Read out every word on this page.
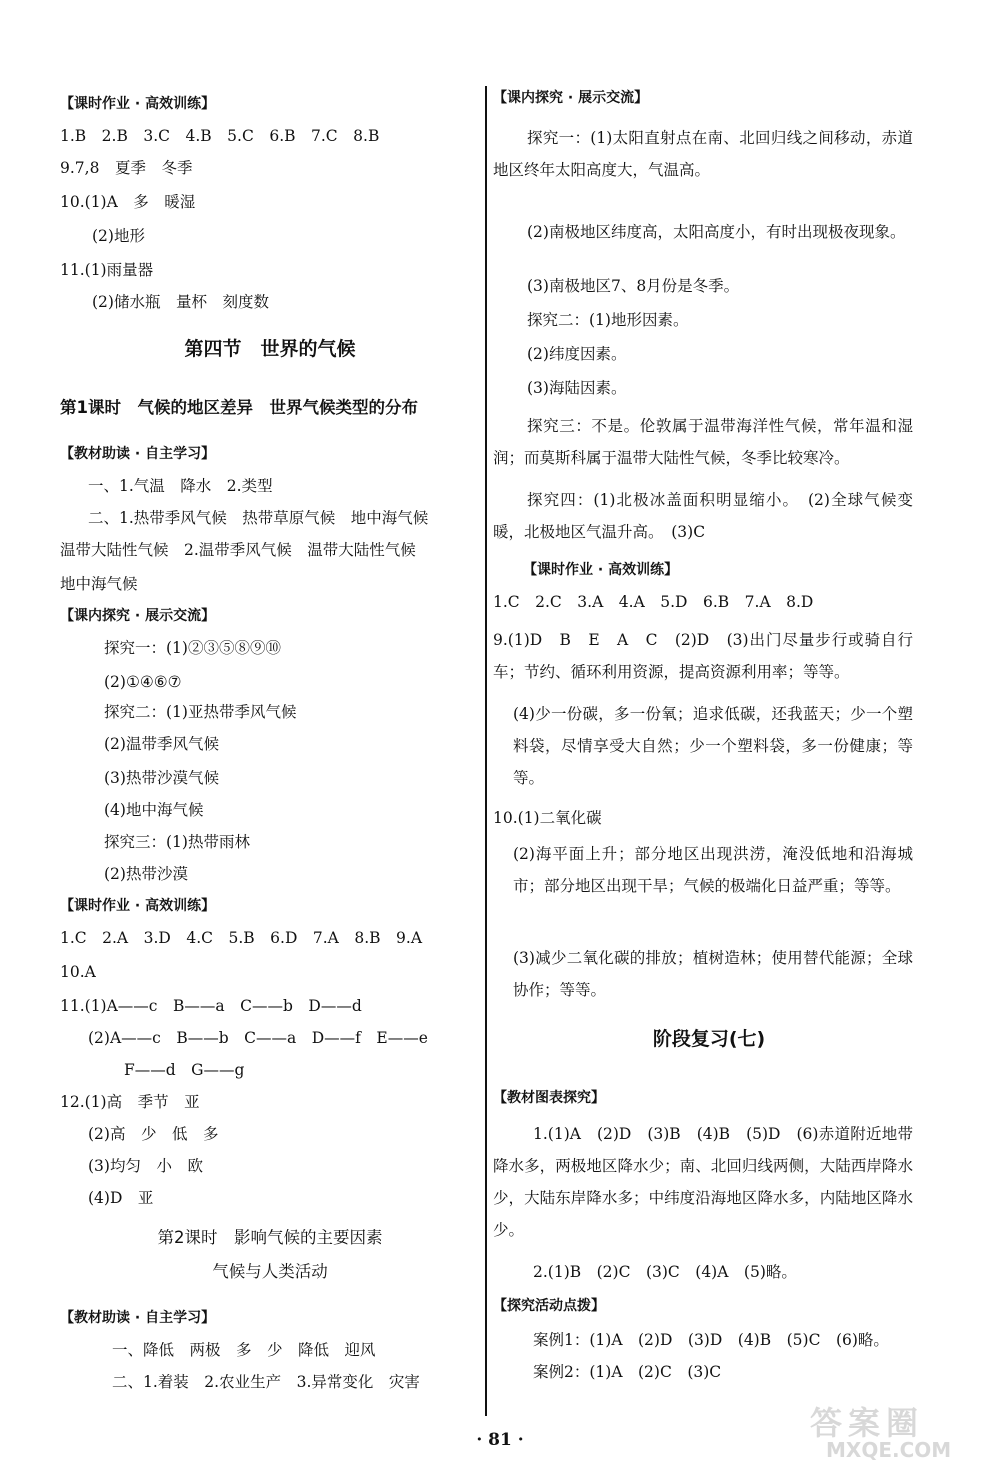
【课时作业 · 高效训练】
1.B　2.B　3.C　4.B　5.C　6.B　7.C　8.B
9.7,8　夏季　冬季
10.(1)A　多　暖湿
(2)地形
11.(1)雨量器
(2)储水瓶　量杯　刻度数
第四节　世界的气候
第1课时　气候的地区差异　世界气候类型的分布
【教材助读 · 自主学习】
一、1.气温　降水　2.类型
二、1.热带季风气候　热带草原气候　地中海气候
温带大陆性气候　2.温带季风气候　温带大陆性气候
地中海气候
【课内探究 · 展示交流】
探究一：(1)②③⑤⑧⑨⑩
(2)①④⑥⑦
探究二：(1)亚热带季风气候
(2)温带季风气候
(3)热带沙漠气候
(4)地中海气候
探究三：(1)热带雨林
(2)热带沙漠
【课时作业 · 高效训练】
1.C　2.A　3.D　4.C　5.B　6.D　7.A　8.B　9.A
10.A
11.(1)A——c　B——a　C——b　D——d
(2)A——c　B——b　C——a　D——f　E——e
F——d　G——g
12.(1)高　季节　亚
(2)高　少　低　多
(3)均匀　小　欧
(4)D　亚
第2课时　影响气候的主要因素
气候与人类活动
【教材助读 · 自主学习】
一、降低　两极　多　少　降低　迎风
二、1.着装　2.农业生产　3.异常变化　灾害
【课内探究 · 展示交流】
探究一：(1)太阳直射点在南、北回归线之间移动，赤道地区终年太阳高度大，气温高。
(2)南极地区纬度高，太阳高度小，有时出现极夜现象。
(3)南极地区7、8月份是冬季。
探究二：(1)地形因素。
(2)纬度因素。
(3)海陆因素。
探究三：不是。伦敦属于温带海洋性气候，常年温和湿润；而莫斯科属于温带大陆性气候，冬季比较寒冷。
探究四：(1)北极冰盖面积明显缩小。　(2)全球气候变暖，北极地区气温升高。　(3)C
【课时作业 · 高效训练】
1.C　2.C　3.A　4.A　5.D　6.B　7.A　8.D
9.(1)D　B　E　A　C　(2)D　(3)出门尽量步行或骑自行车；节约、循环利用资源，提高资源利用率；等等。
(4)少一份碳，多一份氧；追求低碳，还我蓝天；少一个塑料袋，尽情享受大自然；少一个塑料袋，多一份健康；等等。
10.(1)二氧化碳
(2)海平面上升；部分地区出现洪涝，淹没低地和沿海城市；部分地区出现干旱；气候的极端化日益严重；等等。
(3)减少二氧化碳的排放；植树造林；使用替代能源；全球协作；等等。
阶段复习(七)
【教材图表探究】
1.(1)A　(2)D　(3)B　(4)B　(5)D　(6)赤道附近地带降水多，两极地区降水少；南、北回归线两侧，大陆西岸降水少，大陆东岸降水多；中纬度沿海地区降水多，内陆地区降水少。
2.(1)B　(2)C　(3)C　(4)A　(5)略。
【探究活动点拨】
案例1：(1)A　(2)D　(3)D　(4)B　(5)C　(6)略。
案例2：(1)A　(2)C　(3)C
· 81 ·	答案圈
MXQE.COM
